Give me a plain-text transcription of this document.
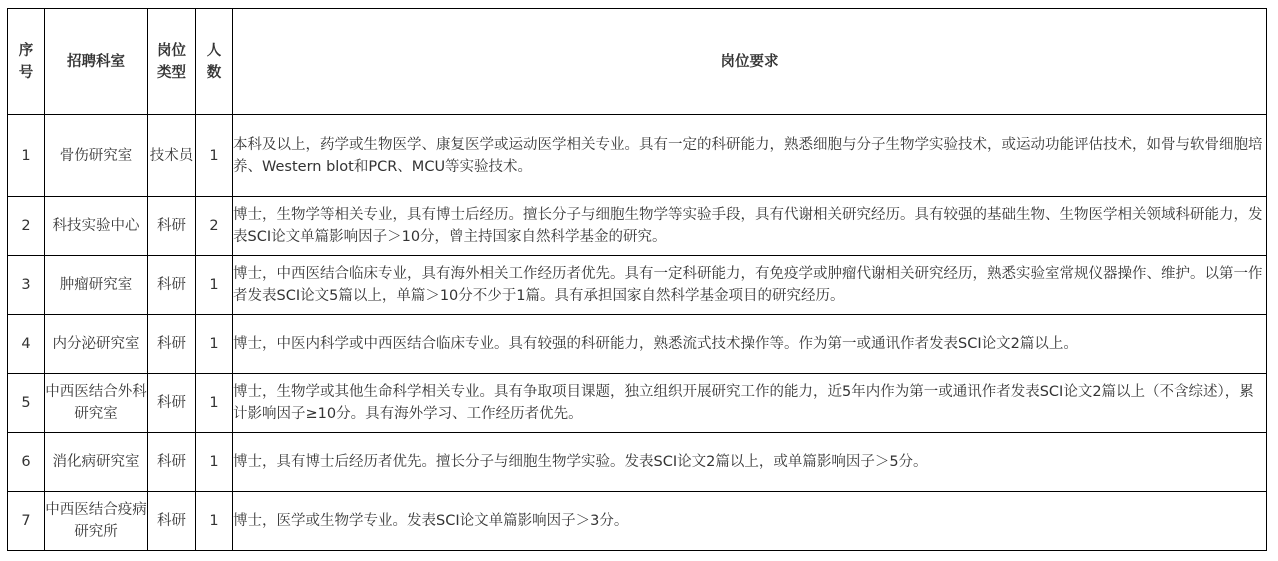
序号	招聘科室	岗位类型	人数	岗位要求
1	骨伤研究室	技术员	1	本科及以上，药学或生物医学、康复医学或运动医学相关专业。具有一定的科研能力，熟悉细胞与分子生物学实验技术，或运动功能评估技术，如骨与软骨细胞培养、Western blot和PCR、MCU等实验技术。
2	科技实验中心	科研	2	博士，生物学等相关专业，具有博士后经历。擅长分子与细胞生物学等实验手段，具有代谢相关研究经历。具有较强的基础生物、生物医学相关领域科研能力，发表SCI论文单篇影响因子＞10分，曾主持国家自然科学基金的研究。
3	肿瘤研究室	科研	1	博士，中西医结合临床专业，具有海外相关工作经历者优先。具有一定科研能力，有免疫学或肿瘤代谢相关研究经历，熟悉实验室常规仪器操作、维护。以第一作者发表SCI论文5篇以上，单篇＞10分不少于1篇。具有承担国家自然科学基金项目的研究经历。
4	内分泌研究室	科研	1	博士，中医内科学或中西医结合临床专业。具有较强的科研能力，熟悉流式技术操作等。作为第一或通讯作者发表SCI论文2篇以上。
5	中西医结合外科研究室	科研	1	博士，生物学或其他生命科学相关专业。具有争取项目课题，独立组织开展研究工作的能力，近5年内作为第一或通讯作者发表SCI论文2篇以上（不含综述），累计影响因子≥10分。具有海外学习、工作经历者优先。
6	消化病研究室	科研	1	博士，具有博士后经历者优先。擅长分子与细胞生物学实验。发表SCI论文2篇以上，或单篇影响因子＞5分。
7	中西医结合疫病研究所	科研	1	博士，医学或生物学专业。发表SCI论文单篇影响因子＞3分。
